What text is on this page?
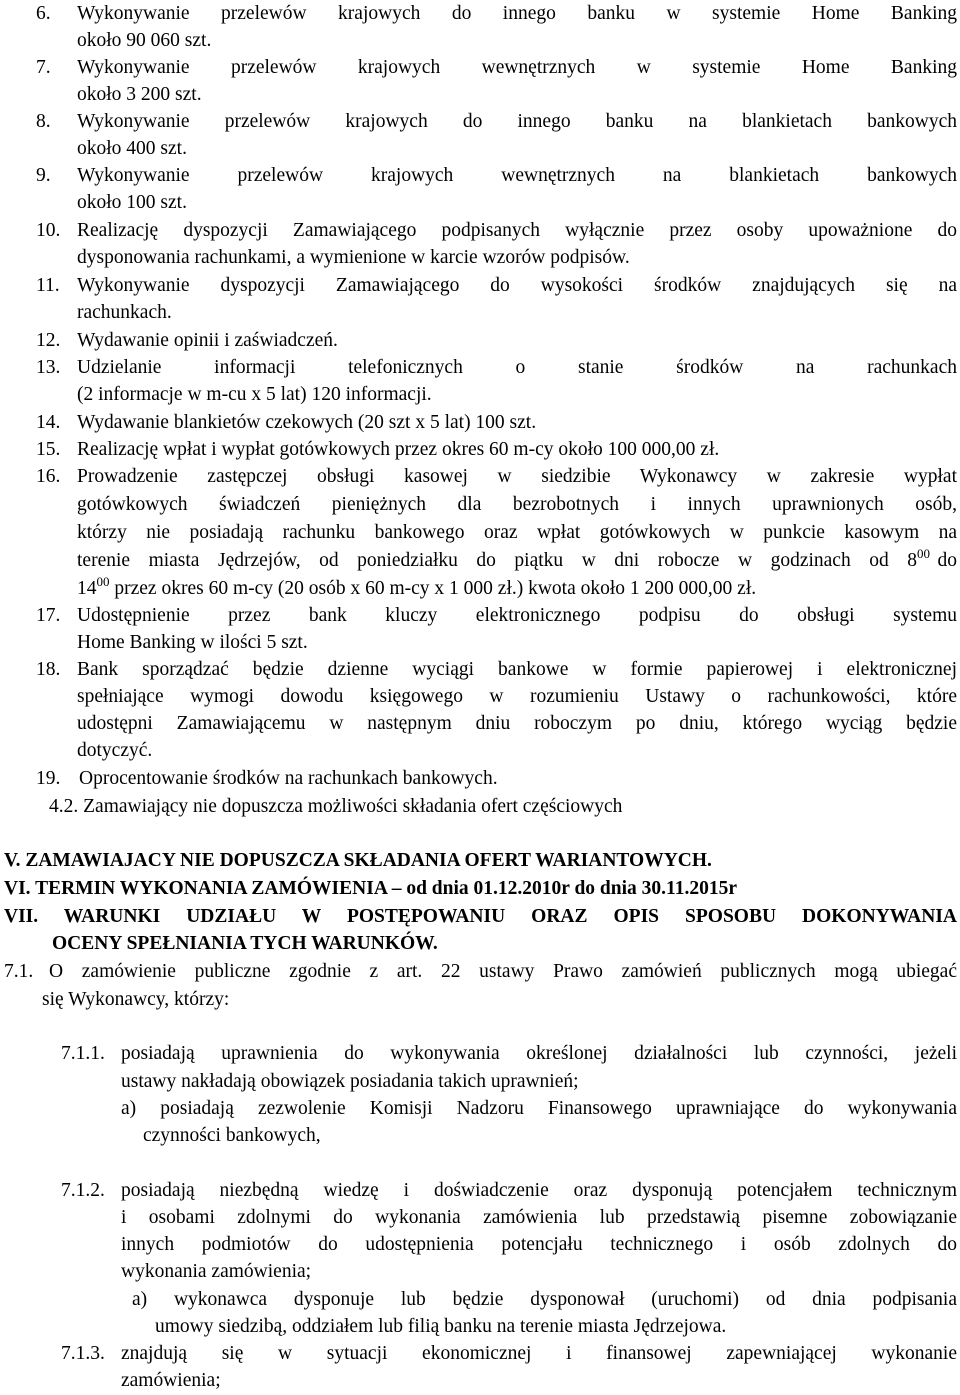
6. Wykonywanie przelewów krajowych do innego banku w systemie Home Banking
około 90 060 szt.
7. Wykonywanie przelewów krajowych wewnętrznych w systemie Home Banking
około 3 200 szt.
8. Wykonywanie przelewów krajowych do innego banku na blankietach bankowych
około 400 szt.
9. Wykonywanie przelewów krajowych wewnętrznych na blankietach bankowych
około 100 szt.
10. Realizację dyspozycji Zamawiającego podpisanych wyłącznie przez osoby upoważnione do
dysponowania rachunkami, a wymienione w karcie wzorów podpisów.
11. Wykonywanie dyspozycji Zamawiającego do wysokości środków znajdujących się na
rachunkach.
12. Wydawanie opinii i zaświadczeń.
13. Udzielanie informacji telefonicznych o stanie środków na rachunkach
(2 informacje w m-cu x 5 lat) 120 informacji.
14. Wydawanie blankietów czekowych (20 szt x 5 lat) 100 szt.
15. Realizację wpłat i wypłat gotówkowych przez okres 60 m-cy około 100 000,00 zł.
16. Prowadzenie zastępczej obsługi kasowej w siedzibie Wykonawcy w zakresie wypłat
gotówkowych świadczeń pieniężnych dla bezrobotnych i innych uprawnionych osób,
którzy nie posiadają rachunku bankowego oraz wpłat gotówkowych w punkcie kasowym na
terenie miasta Jędrzejów, od poniedziałku do piątku w dni robocze w godzinach od $8^{00}$ do
$14^{00}$ przez okres 60 m-cy (20 osób x 60 m-cy x 1 000 zł.) kwota około 1 200 000,00 zł.
17. Udostępnienie przez bank kluczy elektronicznego podpisu do obsługi systemu
Home Banking w ilości 5 szt.
18. Bank sporządzać będzie dzienne wyciągi bankowe w formie papierowej i elektronicznej
spełniające wymogi dowodu księgowego w rozumieniu Ustawy o rachunkowości, które
udostępni Zamawiającemu w następnym dniu roboczym po dniu, którego wyciąg będzie
dotyczyć.
19. Oprocentowanie środków na rachunkach bankowych.
4.2. Zamawiający nie dopuszcza możliwości składania ofert częściowych
V. ZAMAWIAJACY NIE DOPUSZCZA SKŁADANIA OFERT WARIANTOWYCH.
VI. TERMIN WYKONANIA ZAMÓWIENIA – od dnia 01.12.2010r do dnia 30.11.2015r
VII. WARUNKI UDZIAŁU W POSTĘPOWANIU ORAZ OPIS SPOSOBU DOKONYWANIA
OCENY SPEŁNIANIA TYCH WARUNKÓW.
7.1. O zamówienie publiczne zgodnie z art. 22 ustawy Prawo zamówień publicznych mogą ubiegać
się Wykonawcy, którzy:
7.1.1. posiadają uprawnienia do wykonywania określonej działalności lub czynności, jeżeli
ustawy nakładają obowiązek posiadania takich uprawnień;
a) posiadają zezwolenie Komisji Nadzoru Finansowego uprawniające do wykonywania
czynności bankowych,
7.1.2. posiadają niezbędną wiedzę i doświadczenie oraz dysponują potencjałem technicznym
i osobami zdolnymi do wykonania zamówienia lub przedstawią pisemne zobowiązanie
innych podmiotów do udostępnienia potencjału technicznego i osób zdolnych do
wykonania zamówienia;
a) wykonawca dysponuje lub będzie dysponował (uruchomi) od dnia podpisania
umowy siedzibą, oddziałem lub filią banku na terenie miasta Jędrzejowa.
7.1.3. znajdują się w sytuacji ekonomicznej i finansowej zapewniającej wykonanie
zamówienia;
